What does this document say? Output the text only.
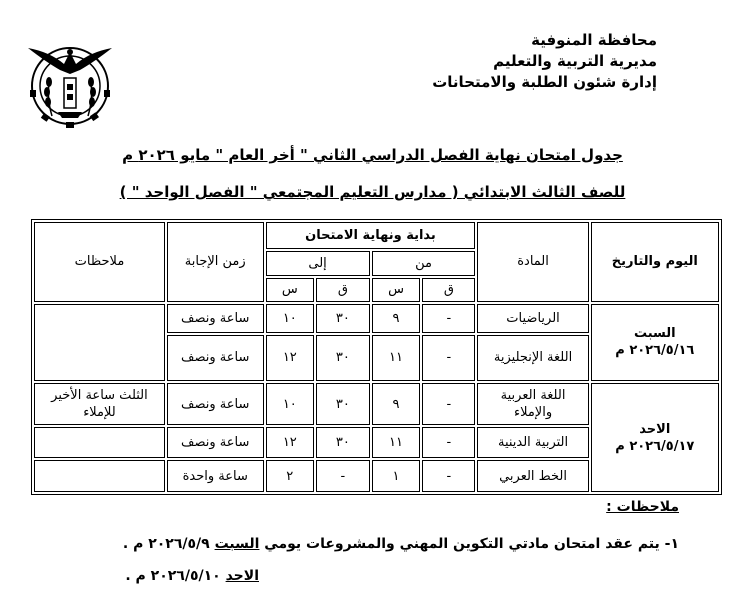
محافظة المنوفية
مديرية التربية والتعليم
إدارة شئون الطلبة والامتحانات
جدول امتحان نهاية الفصل الدراسي الثاني " أخر العام " مايو ٢٠٢٦ م
للصف الثالث الابتدائي ( مدارس التعليم المجتمعي " الفصل الواحد " )
اليوم والتاريخ	المادة	بداية ونهاية الامتحان				زمن الإجابة	ملاحظات
		من		إلى			
		ق	س	ق	س		

السبت
٢٠٢٦/٥/١٦ م	الرياضيات	-	٩	٣٠	١٠	ساعة ونصف	
	اللغة الإنجليزية	-	١١	٣٠	١٢	ساعة ونصف	

الاحد
٢٠٢٦/٥/١٧ م	اللغة العربية والإملاء	-	٩	٣٠	١٠	ساعة ونصف	الثلث ساعة الأخير للإملاء
	التربية الدينية	-	١١	٣٠	١٢	ساعة ونصف	
	الخط العربي	-	١	-	٢	ساعة واحدة	
ملاحظات :
١- يتم عقد امتحان مادتي التكوين المهني والمشروعات يومي السبت ٢٠٢٦/٥/٩ م .
الاحد ٢٠٢٦/٥/١٠ م .
